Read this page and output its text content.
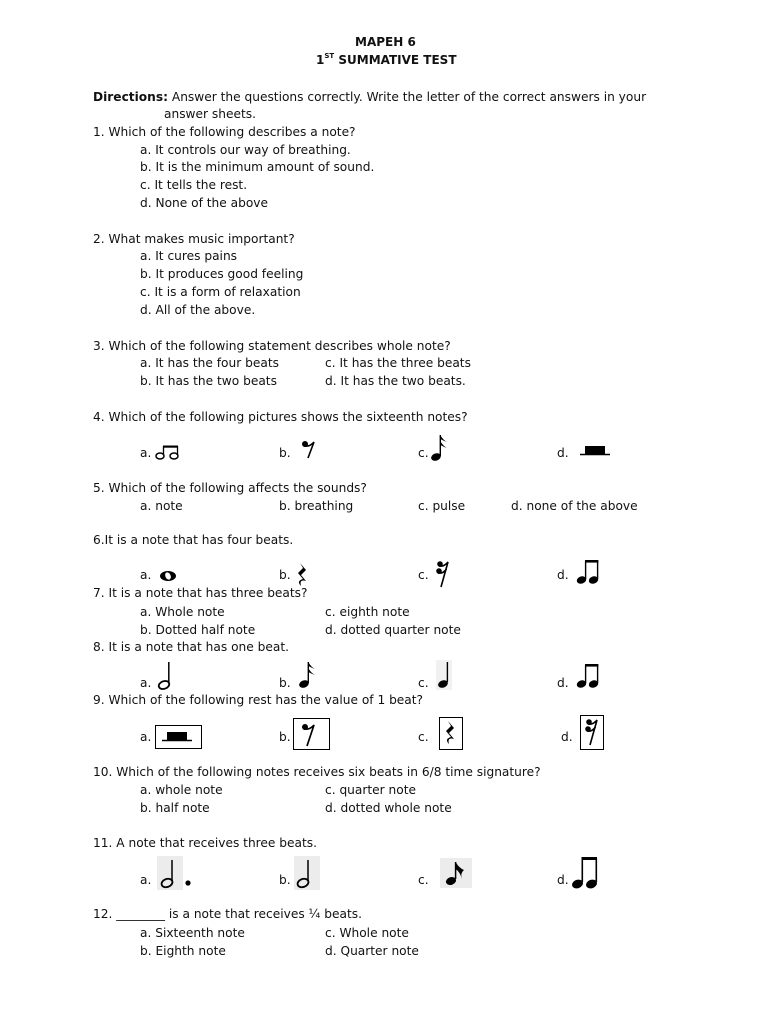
MAPEH 6
1ST SUMMATIVE TEST
Directions: Answer the questions correctly. Write the letter of the correct answers in your
answer sheets.
1. Which of the following describes a note?
a. It controls our way of breathing.
b. It is the minimum amount of sound.
c. It tells the rest.
d. None of the above
2. What makes music important?
a. It cures pains
b. It produces good feeling
c. It is a form of relaxation
d. All of the above.
3. Which of the following statement describes whole note?
a. It has the four beats	c. It has the three beats
b. It has the two beats	d. It has the two beats.
4. Which of the following pictures shows the sixteenth notes?
a.	b.	c.	d.
5. Which of the following affects the sounds?
a. note	b. breathing	c. pulse	d. none of the above
6.It is a note that has four beats.
a.	b.	c.	d.
7. It is a note that has three beats?
a. Whole note	c. eighth note
b. Dotted half note	d. dotted quarter note
8. It is a note that has one beat.
a.	b.	c.	d.
9. Which of the following rest has the value of 1 beat?
a.	b.	c.	d.
10. Which of the following notes receives six beats in 6/8 time signature?
a. whole note	c. quarter note
b. half note	d. dotted whole note
11. A note that receives three beats.
a.	b.	c.	d.
12. ________ is a note that receives ¼ beats.
a. Sixteenth note	c. Whole note
b. Eighth note	d. Quarter note
